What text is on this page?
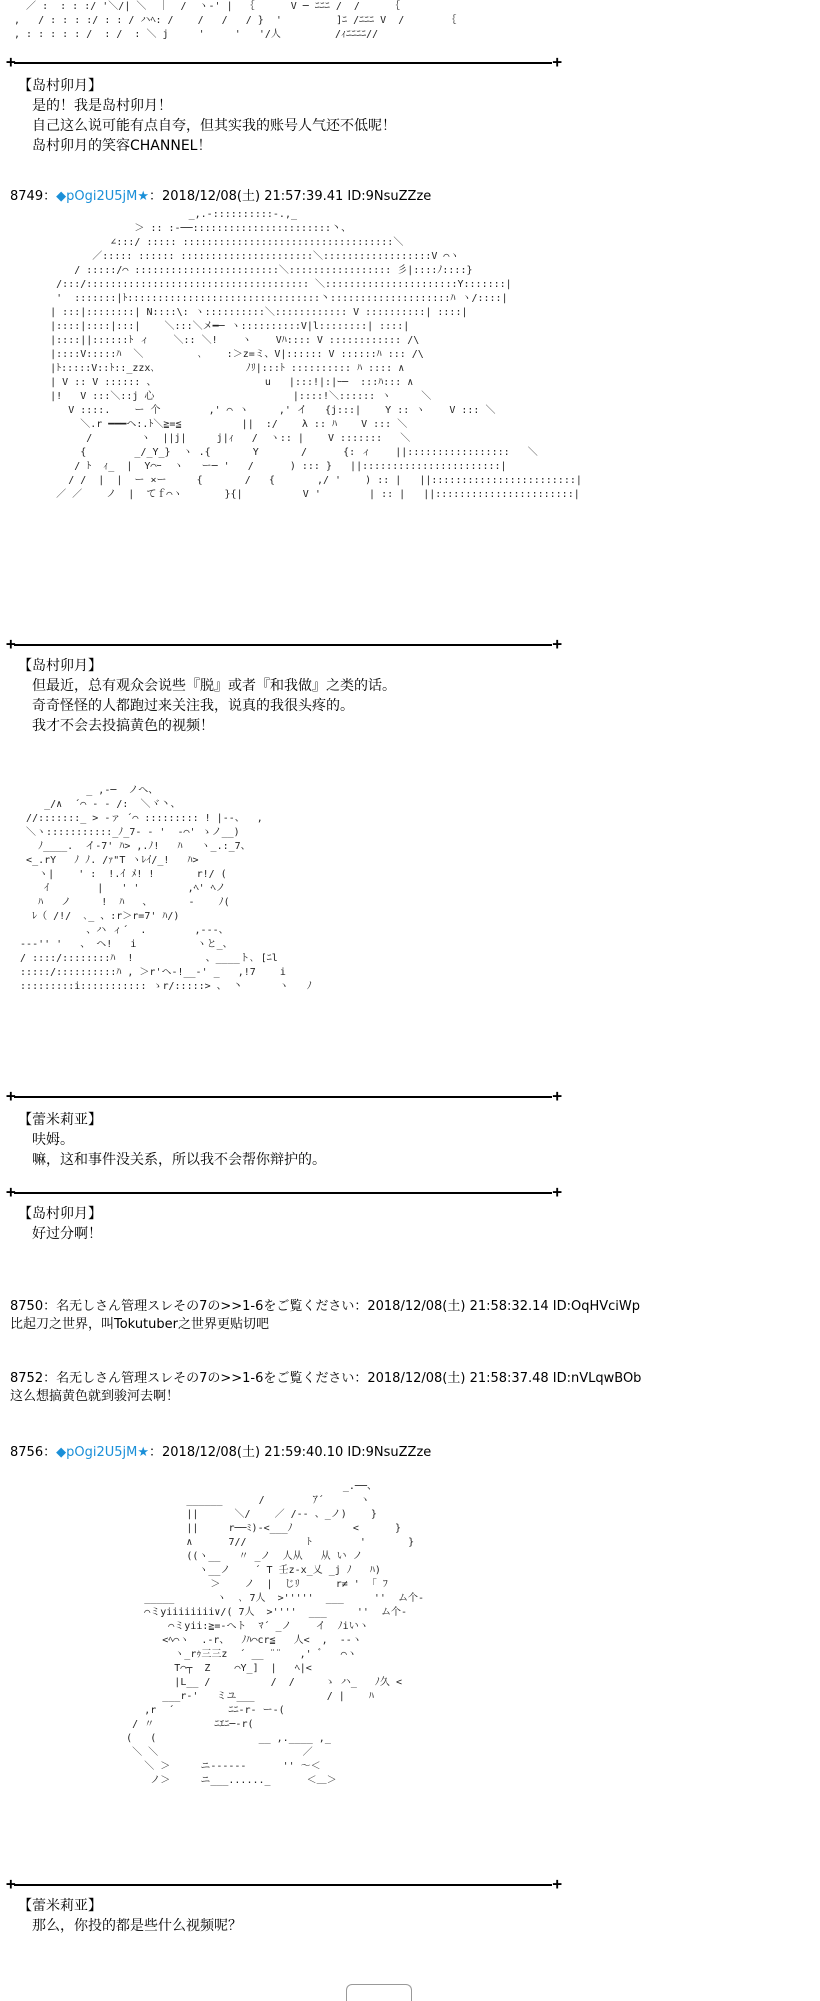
／ :  : : :/ '＼/| ＼  ｜  /  ヽ-' |  ｛      V ─ ﾆﾆﾆ /  /     ｛
,   / : : : :/ : : / ハﾍ: /    /   /   / }  '         ]ﾆ /ﾆﾆﾆ V  /       ｛
, : : : : : /  : /  : ＼ j     '     '   '/人         /ｨﾆﾆﾆﾆ//
+	+
【岛村卯月】
是的！我是岛村卯月！
自己这么说可能有点自夸，但其实我的账号人气还不低呢！
岛村卯月的笑容CHANNEL！
8749：◆pOgi2U5jM★：2018/12/08(土) 21:57:39.41 ID:9NsuZZze
_,.-::::::::::-.,_
＞ :: :-──:::::::::::::::::::::::丶、
∠:::/ ::::: :::::::::::::::::::::::::::::::::::＼
／::::: :::::: ::::::::::::::::::::::＼::::::::::::::::::V ⌒ヽ
/ :::::/⌒ ::::::::::::::::::::::::＼::::::::::::::::: 彡|::::ﾉ::::}
/:::/::::::::::::::::::::::::::::::::::::: ＼::::::::::::::::::::::Y:::::::|
'  :::::::|ﾄ::::::::::::::::::::::::::::::::丶::::::::::::::::::::ﾊ ヽ/::::|
| :::|::::::::| N::::\: ヽ::::::::::＼:::::::::::: V ::::::::::| ::::|
|::::|::::|:::|    ＼:::＼メ━─ ヽ::::::::::V|l::::::::| ::::|
|::::||::::::ﾄ ィ    ＼:: ＼!    ヽ    Vﾊ:::: V :::::::::::: /\
|::::V:::::ﾊ  ＼         ､    :＞z=ミ、V|:::::: V ::::::ﾊ ::: /\
|ﾄ:::::V::ﾄ::_zzx､               ﾉﾘ|:::ﾄ :::::::::: ﾊ :::: ∧
| V :: V :::::: 、                  u   |:::!|:|ｰ─  :::ﾊ::: ∧
|!   V :::＼::j 心                       |::::!＼:::::: ヽ     ＼
V ::::.    ー 个        ,' ⌒ ヽ     ,' イ   {j:::|    Y :: ヽ    V ::: ＼
＼.r ━━━ヘ:.ﾄ＼≧=≦          ||  :/    λ :: ﾊ    V ::: ＼
/        ヽ  ||j|     j|ｨ   /  ヽ:: |    V :::::::   ＼
{        _/_Y_}  ヽ .{       Y       /      {: ィ    ||:::::::::::::::::   ＼
/ ﾄ  ｨ_  |  Y⌒ｰ  ヽ   ー─ '   /      ) ::: }   ||:::::::::::::::::::::::|
/ /  |  |  ー ×ー     {       /   {       ,/ '    ) :: |   ||::::::::::::::::::::::::|
／ ／    ノ  |  てｆ⌒ヽ       }{|          V '        | :: |   ||:::::::::::::::::::::::|
+	+
【岛村卯月】
但最近，总有观众会说些『脱』或者『和我做』之类的话。
奇奇怪怪的人都跑过来关注我，说真的我很头疼的。
我才不会去投搞黄色的视频！
_ ,-─  ノへ、
_/∧  ´⌒ ‐ ‐ /:  ＼ヾ丶、
//:::::::_ > ‐ァ ´⌒ ::::::::: ! |--、  ,
＼ヽ:::::::::::_ﾉ_7‐ ‐ '  ‐⌒' ゝノ__)
ﾉ____.  イ‐7' ﾊ> ,.ﾉ!   ﾊ   ヽ_.:_7、
<_.rY   ﾉ ﾉ. /ｧ"T ヽﾚｲ/_!   ﾊ>
ヽ|    ' :  !.ｲ ﾒ! !       r!/ (
ｲ        |   ' '        ,ﾍ' ﾍノ
ﾊ   ノ     !  ﾊ   、      -    ﾉ(
ﾚ（ /!/  ､_ 、:r＞r=7' ﾊ/)
、ハ ィ´  .        ,---、
--‐'' '   、 ヘ!   i          ヽと_、
/ ::::/::::::::ﾊ  !            、____ト､ [ﾆl
:::::/::::::::::ﾊ , ＞r'ヘ‐!__‐' _   ,!7    i
:::::::::i::::::::::: ゝr/:::::> 、 丶      ヽ   ﾉ
+	+
【蕾米莉亚】
呋姆。
嘛，这和事件没关系，所以我不会帮你辩护的。
+	+
【岛村卯月】
好过分啊！
8750：名无しさん管理スレその7の>>1-6をご覧ください：2018/12/08(土) 21:58:32.14 ID:OqHVciWp
比起刀之世界，叫Tokutuber之世界更贴切吧
8752：名无しさん管理スレその7の>>1-6をご覧ください：2018/12/08(土) 21:58:37.48 ID:nVLqwBOb
这么想搞黄色就到骏河去啊！
8756：◆pOgi2U5jM★：2018/12/08(土) 21:59:40.10 ID:9NsuZZze
_.──、
______      /        ｱ´      ヽ
||      ＼/    ／ /-- 、_ノ)    }
||     r──ﾐ)-<___ﾉ          <      }
∧      7//          ﾄ        '       }
((ヽ__   〃 _ノ  人从   从 い ノ
ヽ__ノ    ´ T 壬z-x_乂 _j ﾉ   ﾊ)
＞    ノ  |  じﾘ      r≠ '  ｢ ﾌ
_____       ヽ  ､ 7人  >'''''  ___     ''  ム个-
⌒ミyiiiiiiii∨/( 7人  >''''  ___     ''  ム个-
⌒ミyii:≧=-へト  ﾏ´ _ノ    イ  ﾉiいヽ
<ﾍ⌒ヽ  .-r、  ﾉﾊ⌒cr≦   人<  ,  -‐ヽ
ヽ_rｩ三三z  ´ __ ¨¨   ,' ﾞ   ⌒ヽ
T⌒┬  Z    ⌒Y_]  |   ﾍ|<
|L__ /          /  /     ゝ ハ_   ﾉ久 <
___r‐'   ミユ___            / |    ﾊ
,r  ´         ﾆﾆ-r‐ ー‐(
/ 〃          ﾆｴﾆ─-r(
(   (                 __ ,.____ ,_
＼ ＼                        ／
＼ ＞     ニ------      '' ～＜
ノ＞     ニ___......_      ＜＿＞
+	+
【蕾米莉亚】
那么，你投的都是些什么视频呢？
